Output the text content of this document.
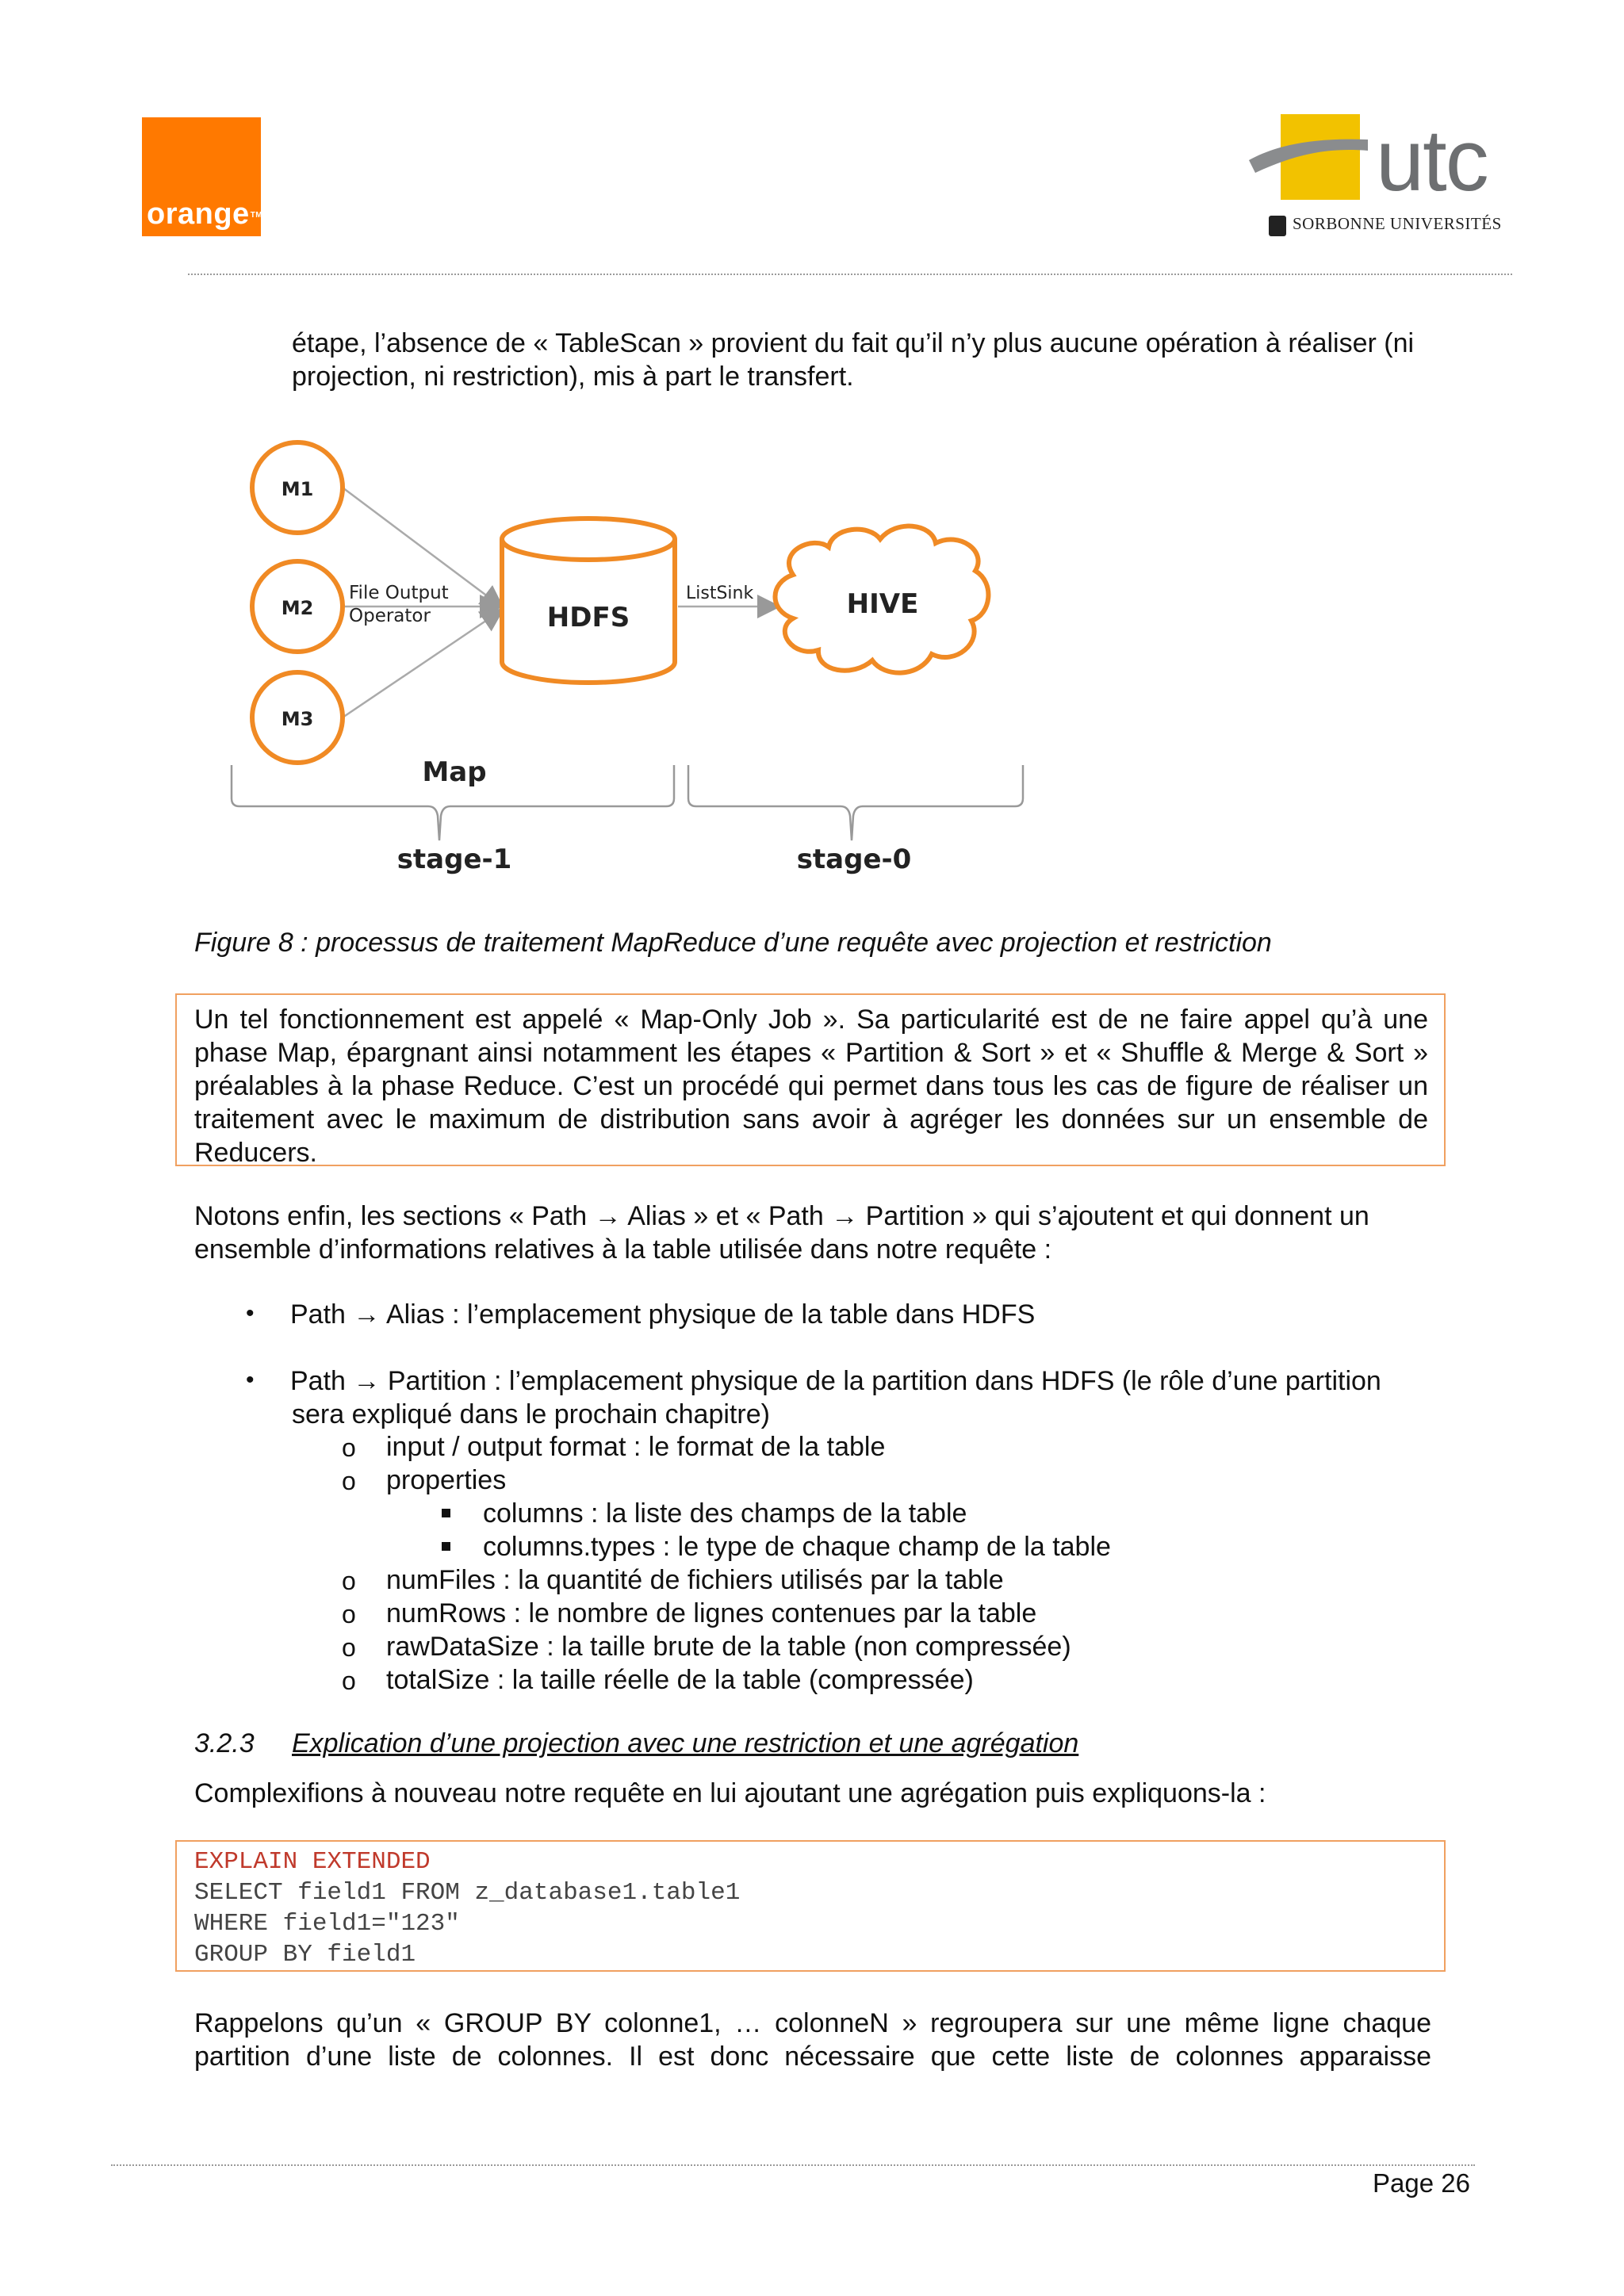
orange™
utc
SORBONNE UNIVERSITÉS
étape, l’absence de « TableScan » provient du fait qu’il n’y plus aucune opération à réaliser (ni
projection, ni restriction), mis à part le transfert.
M1
M2
M3
File Output
Operator	HDFS
ListSink	HIVE
Map
stage-1	stage-0
Figure 8 : processus de traitement MapReduce d’une requête avec projection et restriction
Un tel fonctionnement est appelé « Map-Only Job ». Sa particularité est de ne faire appel qu’à une
phase Map, épargnant ainsi notamment les étapes « Partition & Sort » et « Shuffle & Merge & Sort »
préalables à la phase Reduce. C’est un procédé qui permet dans tous les cas de figure de réaliser un
traitement avec le maximum de distribution sans avoir à agréger les données sur un ensemble de
Reducers.
Notons enfin, les sections « Path → Alias » et « Path → Partition » qui s’ajoutent et qui donnent un
ensemble d’informations relatives à la table utilisée dans notre requête :
• Path → Alias : l’emplacement physique de la table dans HDFS
• Path → Partition : l’emplacement physique de la partition dans HDFS (le rôle d’une partition
sera expliqué dans le prochain chapitre)
o input / output format : le format de la table
o properties
columns : la liste des champs de la table
columns.types : le type de chaque champ de la table
o numFiles : la quantité de fichiers utilisés par la table
o numRows : le nombre de lignes contenues par la table
o rawDataSize : la taille brute de la table (non compressée)
o totalSize : la taille réelle de la table (compressée)
3.2.3 Explication d’une projection avec une restriction et une agrégation
Complexifions à nouveau notre requête en lui ajoutant une agrégation puis expliquons-la :
EXPLAIN EXTENDED
SELECT field1 FROM z_database1.table1
WHERE field1="123"
GROUP BY field1
Rappelons qu’un « GROUP BY colonne1, … colonneN » regroupera sur une même ligne chaque
partition d’une liste de colonnes. Il est donc nécessaire que cette liste de colonnes apparaisse
Page 26
